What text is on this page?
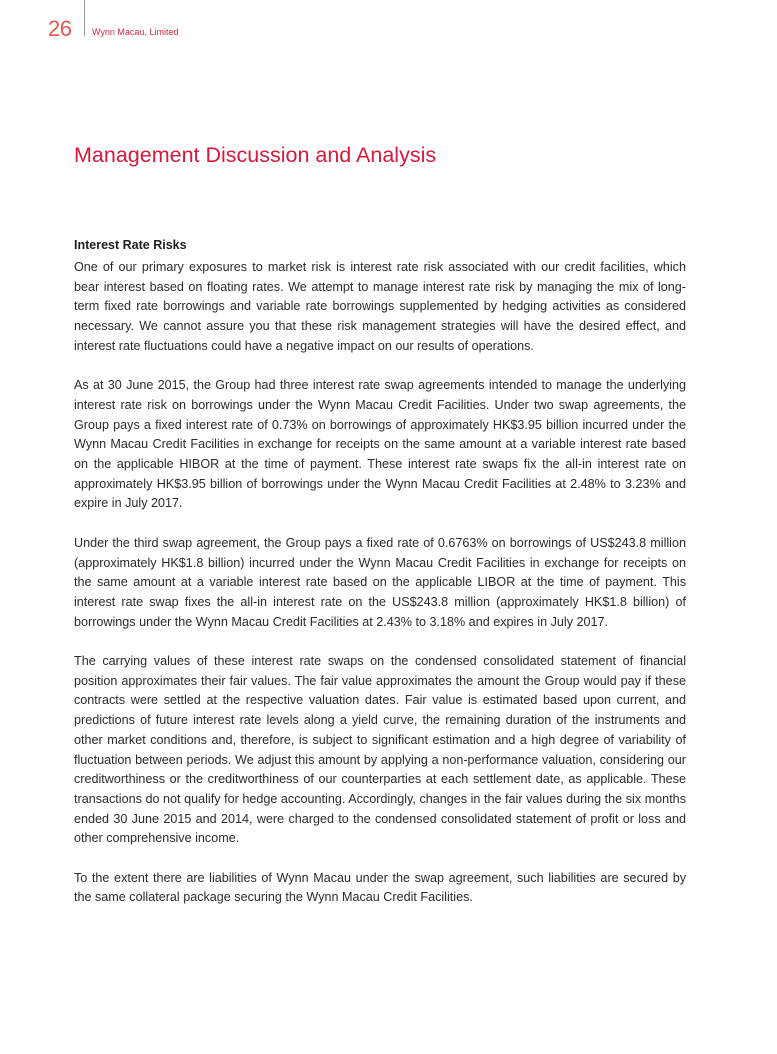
26 Wynn Macau, Limited
Management Discussion and Analysis
Interest Rate Risks

One of our primary exposures to market risk is interest rate risk associated with our credit facilities, which bear interest based on floating rates. We attempt to manage interest rate risk by managing the mix of long-term fixed rate borrowings and variable rate borrowings supplemented by hedging activities as considered necessary. We cannot assure you that these risk management strategies will have the desired effect, and interest rate fluctuations could have a negative impact on our results of operations.

As at 30 June 2015, the Group had three interest rate swap agreements intended to manage the underlying interest rate risk on borrowings under the Wynn Macau Credit Facilities. Under two swap agreements, the Group pays a fixed interest rate of 0.73% on borrowings of approximately HK$3.95 billion incurred under the Wynn Macau Credit Facilities in exchange for receipts on the same amount at a variable interest rate based on the applicable HIBOR at the time of payment. These interest rate swaps fix the all-in interest rate on approximately HK$3.95 billion of borrowings under the Wynn Macau Credit Facilities at 2.48% to 3.23% and expire in July 2017.

Under the third swap agreement, the Group pays a fixed rate of 0.6763% on borrowings of US$243.8 million (approximately HK$1.8 billion) incurred under the Wynn Macau Credit Facilities in exchange for receipts on the same amount at a variable interest rate based on the applicable LIBOR at the time of payment. This interest rate swap fixes the all-in interest rate on the US$243.8 million (approximately HK$1.8 billion) of borrowings under the Wynn Macau Credit Facilities at 2.43% to 3.18% and expires in July 2017.

The carrying values of these interest rate swaps on the condensed consolidated statement of financial position approximates their fair values. The fair value approximates the amount the Group would pay if these contracts were settled at the respective valuation dates. Fair value is estimated based upon current, and predictions of future interest rate levels along a yield curve, the remaining duration of the instruments and other market conditions and, therefore, is subject to significant estimation and a high degree of variability of fluctuation between periods. We adjust this amount by applying a non-performance valuation, considering our creditworthiness or the creditworthiness of our counterparties at each settlement date, as applicable. These transactions do not qualify for hedge accounting. Accordingly, changes in the fair values during the six months ended 30 June 2015 and 2014, were charged to the condensed consolidated statement of profit or loss and other comprehensive income.

To the extent there are liabilities of Wynn Macau under the swap agreement, such liabilities are secured by the same collateral package securing the Wynn Macau Credit Facilities.
